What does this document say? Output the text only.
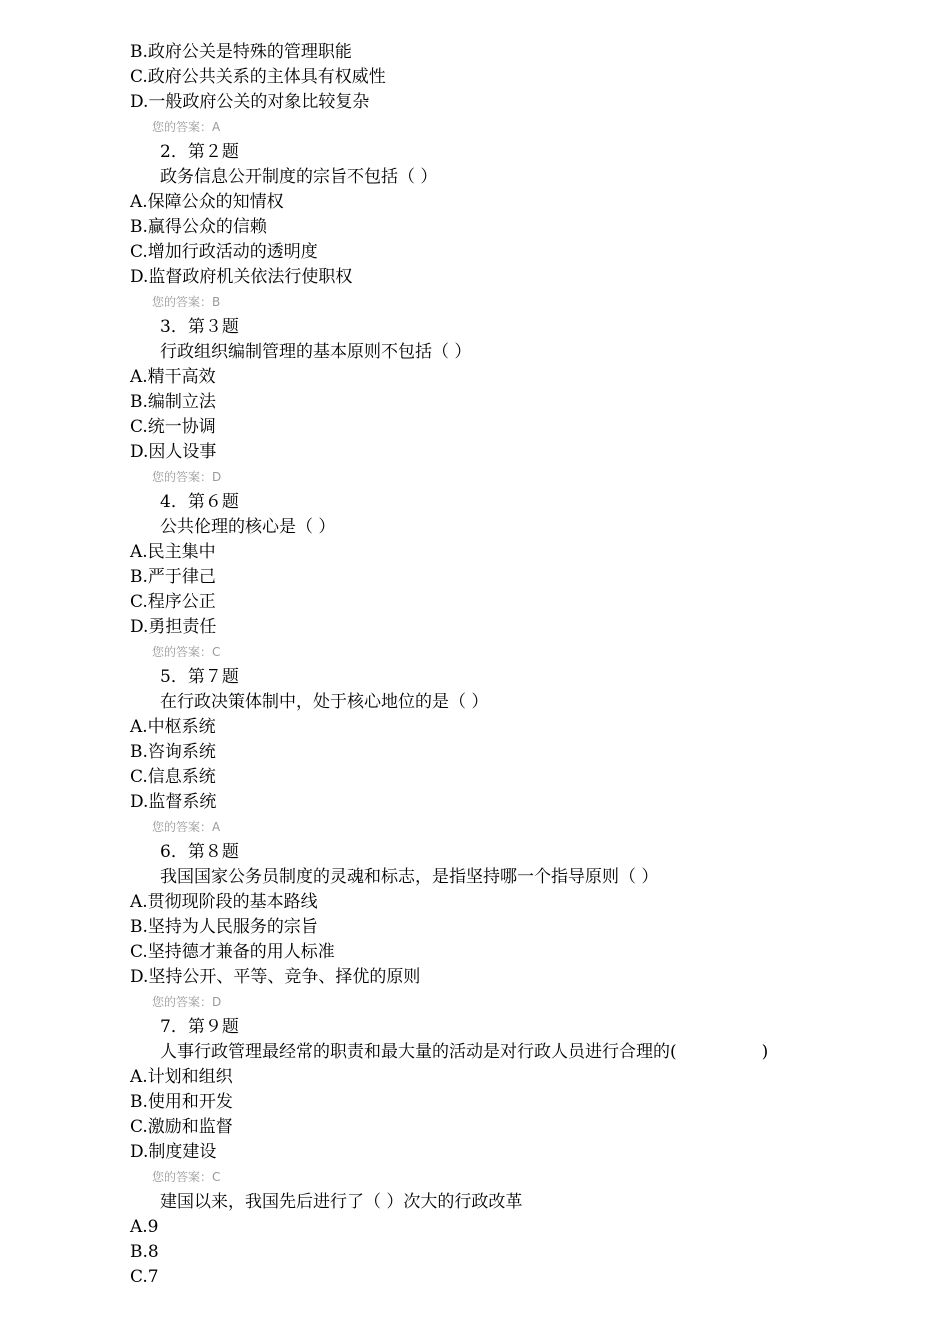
B.政府公关是特殊的管理职能
C.政府公共关系的主体具有权威性
D.一般政府公关的对象比较复杂
您的答案：A
2．第２题
政务信息公开制度的宗旨不包括（ ）
A.保障公众的知情权
B.赢得公众的信赖
C.增加行政活动的透明度
D.监督政府机关依法行使职权
您的答案：B
3．第３题
行政组织编制管理的基本原则不包括（ ）
A.精干高效
B.编制立法
C.统一协调
D.因人设事
您的答案：D
4．第６题
公共伦理的核心是（ ）
A.民主集中
B.严于律己
C.程序公正
D.勇担责任
您的答案：C
5．第７题
在行政决策体制中，处于核心地位的是（ ）
A.中枢系统
B.咨询系统
C.信息系统
D.监督系统
您的答案：A
6．第８题
我国国家公务员制度的灵魂和标志，是指坚持哪一个指导原则（ ）
A.贯彻现阶段的基本路线
B.坚持为人民服务的宗旨
C.坚持德才兼备的用人标准
D.坚持公开、平等、竞争、择优的原则
您的答案：D
7．第９题
人事行政管理最经常的职责和最大量的活动是对行政人员进行合理的(	)
A.计划和组织
B.使用和开发
C.激励和监督
D.制度建设
您的答案：C
建国以来，我国先后进行了（ ）次大的行政改革
A.9
B.8
C.7
